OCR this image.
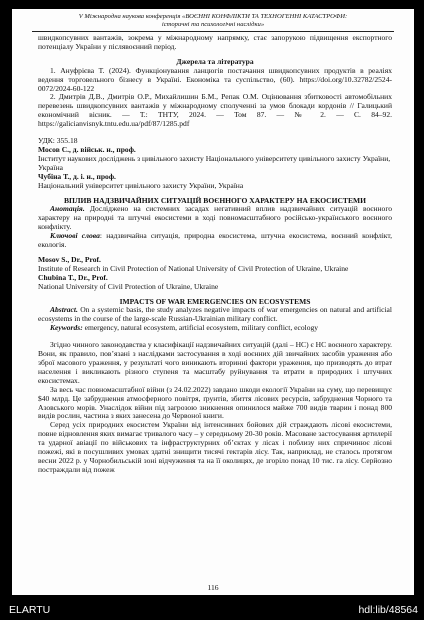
V Міжнародна наукова конференція «ВОЄННІ КОНФЛІКТИ ТА ТЕХНОГЕННІ КАТАСТРОФИ:
історичні та психологічні наслідки»

швидкопсувних вантажів, зокрема у міжнародному напрямку, стає запорукою підвищення експортного потенціалу України у післявоєнний період.

Джерела та література

1. Ануфрієва Т. (2024). Функціонування ланцюгів постачання швидкопсувних продуктів в реаліях ведення торговельного бізнесу в Україні. Економіка та суспільство, (60). https://doi.org/10.32782/2524-0072/2024-60-122

2. Дмитрів Д.В., Дмитрів О.Р., Михайлишин Б.М., Репак О.М. Оцінювання збитковості автомобільних перевезень швидкопсувних вантажів у міжнародному сполученні за умов блокади кордонів // Галицький економічний вісник. — Т.: ТНТУ, 2024. — Том 87. — № 2. — С. 84–92. https://galicianvisnyk.tntu.edu.ua/pdf/87/1285.pdf

УДК: 355.18

Мосов С., д. військ. н., проф.

Інститут наукових досліджень з цивільного захисту Національного університету цивільного захисту України, Україна

Чубіна Т., д. і. н., проф.

Національний університет цивільного захисту України, Україна

ВПЛИВ НАДЗВИЧАЙНИХ СИТУАЦІЙ ВОЄННОГО ХАРАКТЕРУ НА ЕКОСИСТЕМИ

Анотація. Досліджено на системних засадах негативний вплив надзвичайних ситуацій воєнного характеру на природні та штучні екосистеми в ході повномасштабного російсько-українського воєнного конфлікту.

Ключові слова: надзвичайна ситуація, природна екосистема, штучна екосистема, воєнний конфлікт, екологія.

Mosov S., Dr., Prof.

Institute of Research in Civil Protection of National University of Civil Protection of Ukraine, Ukraine

Chubina T., Dr., Prof.

National University of Civil Protection of Ukraine, Ukraine

IMPACTS OF WAR EMERGENCIES ON ECOSYSTEMS

Abstract. On a systemic basis, the study analyzes negative impacts of war emergencies on natural and artificial ecosystems in the course of the large-scale Russian-Ukrainian military conflict.

Keywords: emergency, natural ecosystem, artificial ecosystem, military conflict, ecology

Згідно чинного законодавства у класифікації надзвичайних ситуацій (далі – НС) є НС воєнного характеру. Вони, як правило, пов’язані з наслідками застосування в ході воєнних дій звичайних засобів ураження або зброї масового ураження, у результаті чого виникають вторинні фактори ураження, що призводять до втрат населення і викликають різного ступеня та масштабу руйнування та втрати в природних і штучних екосистемах.

За весь час повномасштабної війни (з 24.02.2022) завдано шкоди екології України на суму, що перевищує $40 млрд. Це забруднення атмосферного повітря, ґрунтів, збиття лісових ресурсів, забруднення Чорного та Азовського морів. Унаслідок війни під загрозою зникнення опинилося майже 700 видів тварин і понад 800 видів рослин, частина з яких занесена до Червоної книги.

Серед усіх природних екосистем України від інтенсивних бойових дій страждають лісові екосистеми, повне відновлення яких вимагає тривалого часу – у середньому 20-30 років. Масоване застосування артилерії та ударної авіації по військових та інфраструктурних об’єктах у лісах і поблизу них спричинює лісові пожежі, які в посушливих умовах здатні знищити тисячі гектарів лісу. Так, наприклад, не сталось протягом весни 2022 р. у Чорнобильській зоні відчуження та на її околицях, де згоріло понад 10 тис. га лісу. Серйозно постраждали від пожеж

116
ELARTU	hdl:lib/48564
